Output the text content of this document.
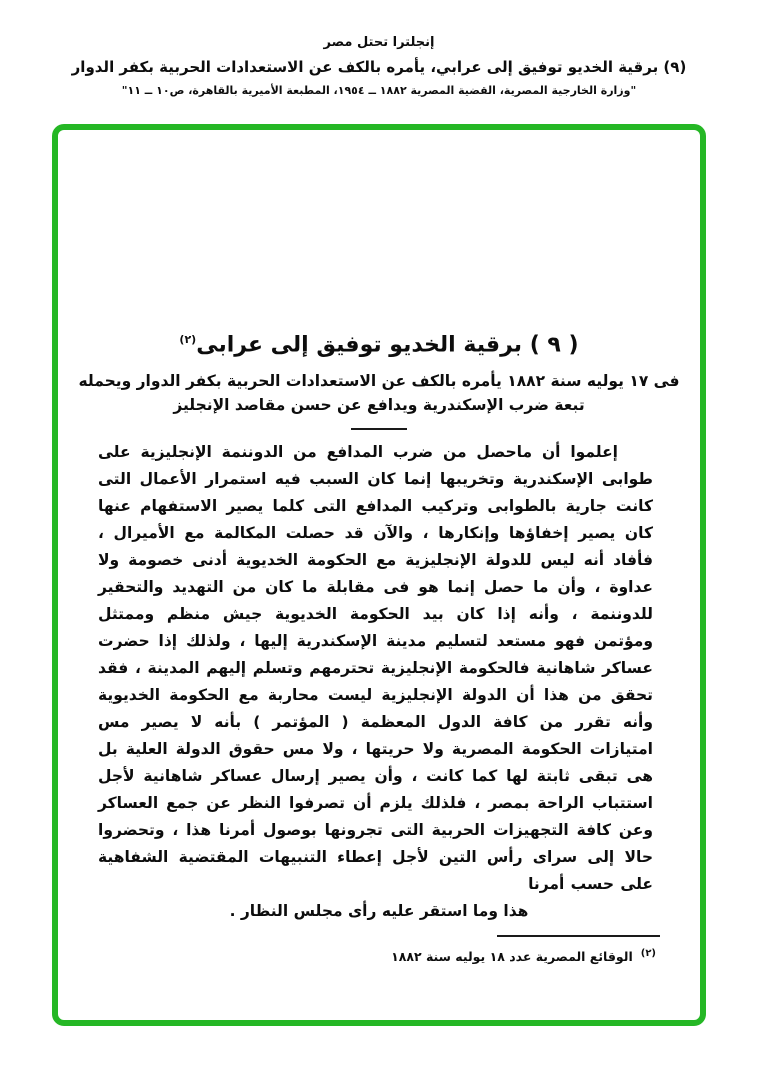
إنجلترا تحتل مصر
(٩) برقية الخديو توفيق إلى عرابي، يأمره بالكف عن الاستعدادات الحربية بكفر الدوار
"وزارة الخارجية المصرية، القضية المصرية ١٨٨٢ ــ ١٩٥٤، المطبعة الأميرية بالقاهرة، ص١٠ ــ ١١"
( ٩ ) برقية الخديو توفيق إلى عرابى$^{(٢)}$
فى ١٧ يوليه سنة ١٨٨٢ يأمره بالكف عن الاستعدادات الحربية بكفر الدوار ويحمله
تبعة ضرب الإسكندرية ويدافع عن حسن مقاصد الإنجليز

إعلموا أن ماحصل من ضرب المدافع من الدوننمة الإنجليزية على طوابى الإسكندرية وتخريبها إنما كان السبب فيه استمرار الأعمال التى كانت جارية بالطوابى وتركيب المدافع التى كلما يصير الاستفهام عنها كان يصير إخفاؤها وإنكارها ، والآن قد حصلت المكالمة مع الأميرال ، فأفاد أنه ليس للدولة الإنجليزية مع الحكومة الخديوية أدنى خصومة ولا عداوة ، وأن ما حصل إنما هو فى مقابلة ما كان من التهديد والتحقير للدوننمة ، وأنه إذا كان بيد الحكومة الخديوية جيش منظم وممتثل ومؤتمن فهو مستعد لتسليم مدينة الإسكندرية إليها ، ولذلك إذا حضرت عساكر شاهانية فالحكومة الإنجليزية تحترمهم وتسلم إليهم المدينة ، فقد تحقق من هذا أن الدولة الإنجليزية ليست محاربة مع الحكومة الخديوية وأنه تقرر من كافة الدول المعظمة ( المؤتمر ) بأنه لا يصير مس امتيازات الحكومة المصرية ولا حريتها ، ولا مس حقوق الدولة العلية بل هى تبقى ثابتة لها كما كانت ، وأن يصير إرسال عساكر شاهانية لأجل استتباب الراحة بمصر ، فلذلك يلزم أن تصرفوا النظر عن جمع العساكر وعن كافة التجهيزات الحربية التى تجرونها بوصول أمرنا هذا ، وتحضروا حالا إلى سراى رأس التين لأجل إعطاء التنبيهات المقتضية الشفاهية على حسب أمرنا

هذا وما استقر عليه رأى مجلس النظار .
$^{(٢)}$الوقائع المصرية عدد ١٨ يوليه سنة ١٨٨٢
